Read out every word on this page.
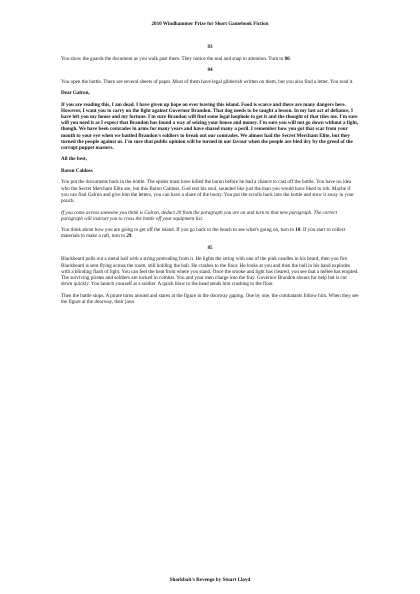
2010 Windhammer Prize for Short Gamebook Fiction

83

You show the guards the document as you walk past them. They notice the seal and snap to attention. Turn to 80.

84

You open the bottle. There are several sheets of paper. Most of them have legal gibberish written on them, but you also find a letter. You read it.

Dear Galron,

If you are reading this, I am dead. I have given up hope on ever leaving this island. Food is scarce and there are many dangers here. However, I want you to carry on the fight against Governor Brandon. That dog needs to be taught a lesson. In my last act of defiance, I have left you my house and my fortune. I'm sure Brandon will find some legal loophole to get it and the thought of that riles me. I'm sure will you need it as I expect that Brandon has found a way of seizing your house and money. I'm sure you will not go down without a fight, though. We have been comrades in arms for many years and have shared many a peril. I remember how you got that scar from your mouth to your eye when we battled Brandon's soldiers to break out our comrades. We almost had the Secret Merchant Elite, but they turned the people against us. I'm sure that public opinion will be turned in our favour when the people are bled dry by the greed of the corrupt puppet masters.

All the best,

Baron Caldoss

You put the documents back in the bottle. The spider must have killed the baron before he had a chance to cast off the bottle. You have no idea who the Secret Merchant Elite are, but this Baron Caldoss, God rest his soul, sounded like just the man you would have liked to rob. Maybe if you can find Galron and give him the letters, you can have a share of the booty. You put the scrolls back into the bottle and stow it away in your pouch.

If you come across someone you think is Galron, deduct 20 from the paragraph you are on and turn to that new paragraph. The correct paragraph will instruct you to cross the bottle off your equipment list.

You think about how you are going to get off the island. If you go back to the beach to see what's going on, turn to 10. If you start to collect materials to make a raft, turn to 29.

85

Blackbeard pulls out a metal ball with a string protruding from it. He lights the string with one of the pink candles in his beard, then you fire. Blackbeard is sent flying across the room, still holding the ball. He crashes to the floor. He looks at you and then the ball in his hand explodes with a blinding flash of light. You can feel the heat from where you stand. Once the smoke and light has cleared, you see that a mêlée has erupted. The surviving pirates and soldiers are locked in combat. You and your men charge into the fray. Governor Brandon shouts for help but is cut down quickly. You launch yourself at a soldier. A quick blow to the head sends him crashing to the floor.

Then the battle stops. A pirate turns around and stares at the figure in the doorway gaping. One by one, the combatants follow him. When they see the figure at the doorway, their jaws

Sharkbait's Revenge by Stuart Lloyd
